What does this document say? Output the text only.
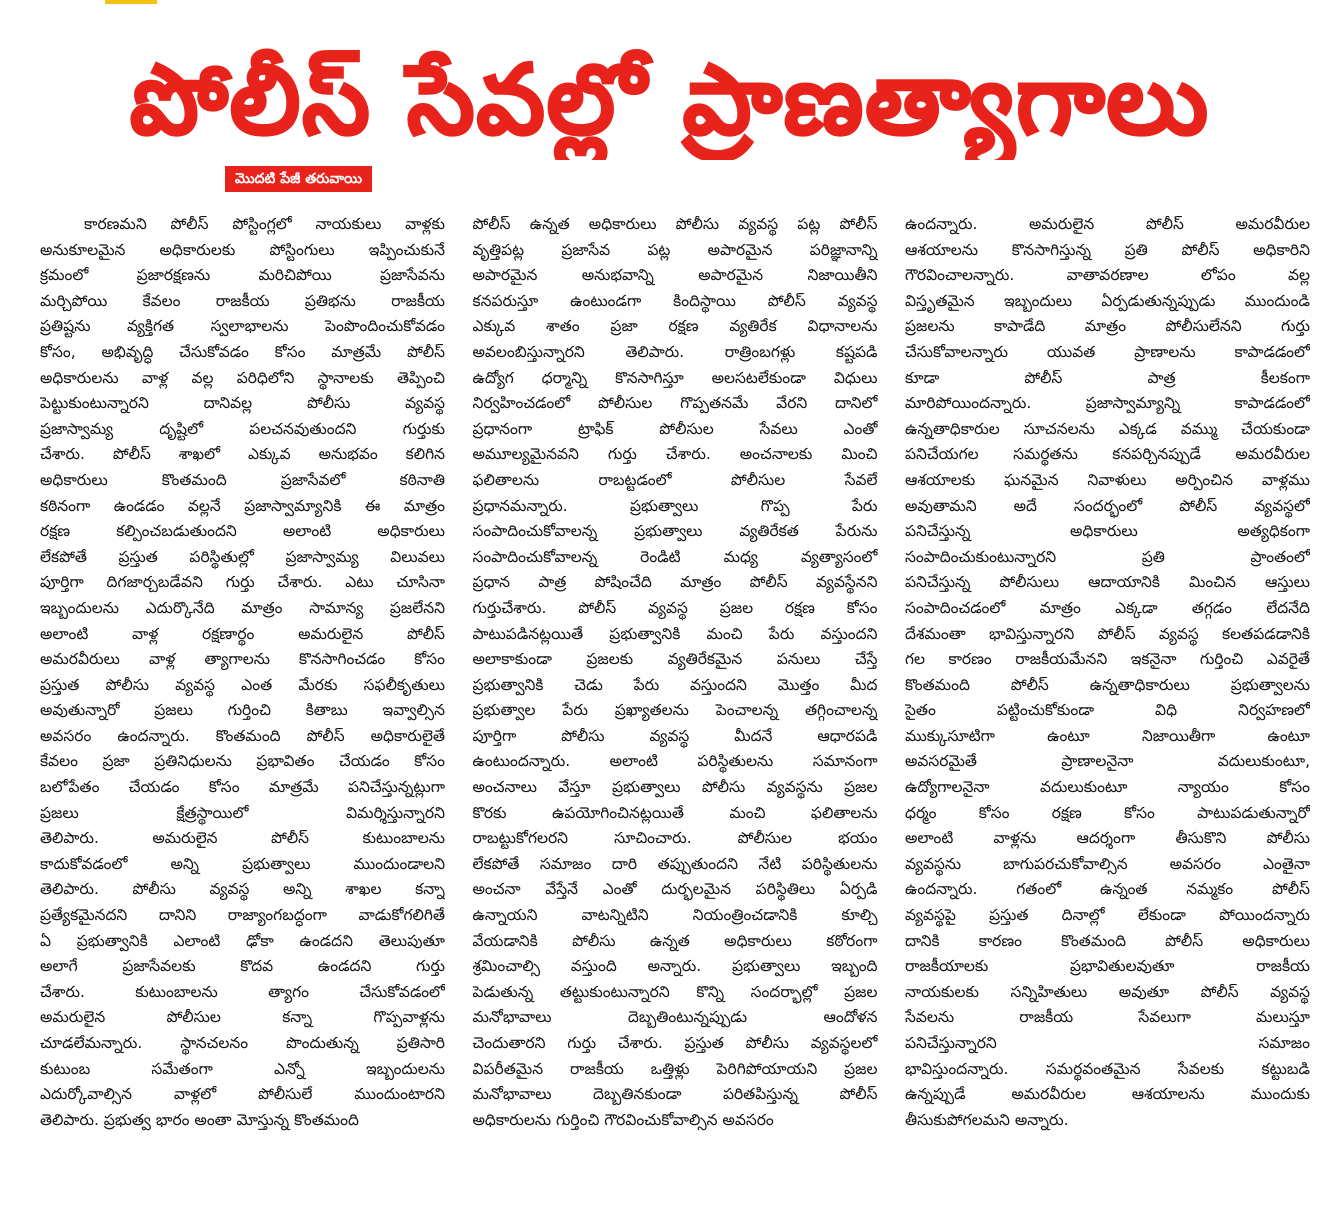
పోలీస్ సేవల్లో ప్రాణత్యాగాలు
మొదటి పేజీ తరువాయి
కారణమని పోలీస్ పోస్టింగ్లలో నాయకులు వాళ్లకు
అనుకూలమైన అధికారులకు పోస్టింగులు ఇప్పించుకునే
క్రమంలో ప్రజారక్షణను మరిచిపోయి ప్రజాసేవను
మర్చిపోయి కేవలం రాజకీయ ప్రతిభను రాజకీయ
ప్రతిష్టను వ్యక్తిగత స్వలాభాలను పెంపొందించుకోవడం
కోసం, అభివృద్ధి చేసుకోవడం కోసం మాత్రమే పోలీస్
అధికారులను వాళ్ల వల్ల పరిధిలోని స్థానాలకు తెప్పించి
పెట్టుకుంటున్నారని దానివల్ల పోలీసు వ్యవస్థ
ప్రజాస్వామ్య దృష్టిలో పలచనవుతుందని గుర్తుకు
చేశారు. పోలీస్ శాఖలో ఎక్కువ అనుభవం కలిగిన
అధికారులు కొంతమంది ప్రజాసేవలో కఠినాతి
కఠినంగా ఉండడం వల్లనే ప్రజాస్వామ్యానికి ఈ మాత్రం
రక్షణ కల్పించబడుతుందని అలాంటి అధికారులు
లేకపోతే ప్రస్తుత పరిస్థితుల్లో ప్రజాస్వామ్య విలువలు
పూర్తిగా దిగజార్చబడేవని గుర్తు చేశారు. ఎటు చూసినా
ఇబ్బందులను ఎదుర్కొనేది మాత్రం సామాన్య ప్రజలేనని
అలాంటి వాళ్ల రక్షణార్థం అమరులైన పోలీస్
అమరవీరులు వాళ్ల త్యాగాలను కొనసాగించడం కోసం
ప్రస్తుత పోలీసు వ్యవస్థ ఎంత మేరకు సఫలీకృతులు
అవుతున్నారో ప్రజలు గుర్తించి కితాబు ఇవ్వాల్సిన
అవసరం ఉందన్నారు. కొంతమంది పోలీస్ అధికారులైతే
కేవలం ప్రజా ప్రతినిధులను ప్రభావితం చేయడం కోసం
బలోపేతం చేయడం కోసం మాత్రమే పనిచేస్తున్నట్లుగా
ప్రజలు క్షేత్రస్థాయిలో విమర్శిస్తున్నారని
తెలిపారు. అమరులైన పోలీస్ కుటుంబాలను
కాదుకోవడంలో అన్ని ప్రభుత్వాలు ముందుండాలని
తెలిపారు. పోలీసు వ్యవస్థ అన్ని శాఖల కన్నా
ప్రత్యేకమైనదని దానిని రాజ్యాంగబద్ధంగా వాడుకోగలిగితే
ఏ ప్రభుత్వానికి ఎలాంటి ఢోకా ఉండదని తెలుపుతూ
అలాగే ప్రజాసేవలకు కొదవ ఉండదని గుర్తు
చేశారు. కుటుంబాలను త్యాగం చేసుకోవడంలో
అమరులైన పోలీసుల కన్నా గొప్పవాళ్లను
చూడలేమన్నారు. స్థానచలనం పొందుతున్న ప్రతిసారి
కుటుంబ సమేతంగా ఎన్నో ఇబ్బందులను
ఎదుర్కోవాల్సిన వాళ్లలో పోలీసులే ముందుంటారని
తెలిపారు. ప్రభుత్వ భారం అంతా మోస్తున్న కొంతమంది
పోలీస్ ఉన్నత అధికారులు పోలీసు వ్యవస్థ పట్ల పోలీస్
వృత్తిపట్ల ప్రజాసేవ పట్ల అపారమైన పరిజ్ఞానాన్ని
అపారమైన అనుభవాన్ని అపారమైన నిజాయితీని
కనపరుస్తూ ఉంటుండగా కిందిస్థాయి పోలీస్ వ్యవస్థ
ఎక్కువ శాతం ప్రజా రక్షణ వ్యతిరేక విధానాలను
అవలంబిస్తున్నారని తెలిపారు. రాత్రింబగళ్లు కష్టపడి
ఉద్యోగ ధర్మాన్ని కొనసాగిస్తూ అలసటలేకుండా విధులు
నిర్వహించడంలో పోలీసుల గొప్పతనమే వేరని దానిలో
ప్రధానంగా ట్రాఫిక్ పోలీసుల సేవలు ఎంతో
అమూల్యమైనవని గుర్తు చేశారు. అంచనాలకు మించి
ఫలితాలను రాబట్టడంలో పోలీసుల సేవలే
ప్రధానమన్నారు. ప్రభుత్వాలు గొప్ప పేరు
సంపాదించుకోవాలన్న ప్రభుత్వాలు వ్యతిరేకత పేరును
సంపాదించుకోవాలన్న రెండిటి మధ్య వ్యత్యాసంలో
ప్రధాన పాత్ర పోషించేది మాత్రం పోలీస్ వ్యవస్థేనని
గుర్తుచేశారు. పోలీస్ వ్యవస్థ ప్రజల రక్షణ కోసం
పాటుపడినట్లయితే ప్రభుత్వానికి మంచి పేరు వస్తుందని
అలాకాకుండా ప్రజలకు వ్యతిరేకమైన పనులు చేస్తే
ప్రభుత్వానికి చెడు పేరు వస్తుందని మొత్తం మీద
ప్రభుత్వాల పేరు ప్రఖ్యాతలను పెంచాలన్న తగ్గించాలన్న
పూర్తిగా పోలీసు వ్యవస్థ మీదనే ఆధారపడి
ఉంటుందన్నారు. అలాంటి పరిస్థితులను సమానంగా
అంచనాలు వేస్తూ ప్రభుత్వాలు పోలీసు వ్యవస్థను ప్రజల
కొరకు ఉపయోగించినట్లయితే మంచి ఫలితాలను
రాబట్టుకోగలరని సూచించారు. పోలీసుల భయం
లేకపోతే సమాజం దారి తప్పుతుందని నేటి పరిస్థితులను
అంచనా వేస్తేనే ఎంతో దుర్భలమైన పరిస్థితిలు ఏర్పడి
ఉన్నాయని వాటన్నిటిని నియంత్రించడానికి కూల్చి
వేయడానికి పోలీసు ఉన్నత అధికారులు కఠోరంగా
శ్రమించాల్సి వస్తుంది అన్నారు. ప్రభుత్వాలు ఇబ్బంది
పెడుతున్న తట్టుకుంటున్నారని కొన్ని సందర్భాల్లో ప్రజల
మనోభావాలు దెబ్బతింటున్నప్పుడు ఆందోళన
చెందుతారని గుర్తు చేశారు. ప్రస్తుత పోలీసు వ్యవస్థలలో
విపరీతమైన రాజకీయ ఒత్తిళ్లు పెరిగిపోయాయని ప్రజల
మనోభావాలు దెబ్బతినకుండా పరితపిస్తున్న పోలీస్
అధికారులను గుర్తించి గౌరవించుకోవాల్సిన అవసరం
ఉందన్నారు. అమరులైన పోలీస్ అమరవీరుల
ఆశయాలను కొనసాగిస్తున్న ప్రతి పోలీస్ అధికారిని
గౌరవించాలన్నారు. వాతావరణాల లోపం వల్ల
విస్తృతమైన ఇబ్బందులు ఏర్పడుతున్నప్పుడు ముందుండి
ప్రజలను కాపాడేది మాత్రం పోలీసులేనని గుర్తు
చేసుకోవాలన్నారు యువత ప్రాణాలను కాపాడడంలో
కూడా పోలీస్ పాత్ర కీలకంగా
మారిపోయిందన్నారు. ప్రజాస్వామ్యాన్ని కాపాడడంలో
ఉన్నతాధికారుల సూచనలను ఎక్కడ వమ్ము చేయకుండా
పనిచేయగల సమర్థతను కనపర్చినప్పుడే అమరవీరుల
ఆశయాలకు ఘనమైన నివాళులు అర్పించిన వాళ్లము
అవుతామని అదే సందర్భంలో పోలీస్ వ్యవస్థలో
పనిచేస్తున్న అధికారులు అత్యధికంగా
సంపాదించుకుంటున్నారని ప్రతి ప్రాంతంలో
పనిచేస్తున్న పోలీసులు ఆదాయానికి మించిన ఆస్తులు
సంపాదించడంలో మాత్రం ఎక్కడా తగ్గడం లేదనేది
దేశమంతా భావిస్తున్నారని పోలీస్ వ్యవస్థ కలతపడడానికి
గల కారణం రాజకీయమేనని ఇకనైనా గుర్తించి ఎవరైతే
కొంతమంది పోలీస్ ఉన్నతాధికారులు ప్రభుత్వాలను
సైతం పట్టించుకోకుండా విధి నిర్వహణలో
ముక్కుసూటిగా ఉంటూ నిజాయితీగా ఉంటూ
అవసరమైతే ప్రాణాలనైనా వదులుకుంటూ,
ఉద్యోగాలనైనా వదులుకుంటూ న్యాయం కోసం
ధర్మం కోసం రక్షణ కోసం పాటుపడుతున్నారో
అలాంటి వాళ్లను ఆదర్శంగా తీసుకొని పోలీసు
వ్యవస్థను బాగుపరచుకోవాల్సిన అవసరం ఎంతైనా
ఉందన్నారు. గతంలో ఉన్నంత నమ్మకం పోలీస్
వ్యవస్థపై ప్రస్తుత దినాల్లో లేకుండా పోయిందన్నారు
దానికి కారణం కొంతమంది పోలీస్ అధికారులు
రాజకీయాలకు ప్రభావితులవుతూ రాజకీయ
నాయకులకు సన్నిహితులు అవుతూ పోలీస్ వ్యవస్థ
సేవలను రాజకీయ సేవలుగా మలుస్తూ
పనిచేస్తున్నారని సమాజం
భావిస్తుందన్నారు. సమర్థవంతమైన సేవలకు కట్టుబడి
ఉన్నప్పుడే అమరవీరుల ఆశయాలను ముందుకు
తీసుకుపోగలమని అన్నారు.
